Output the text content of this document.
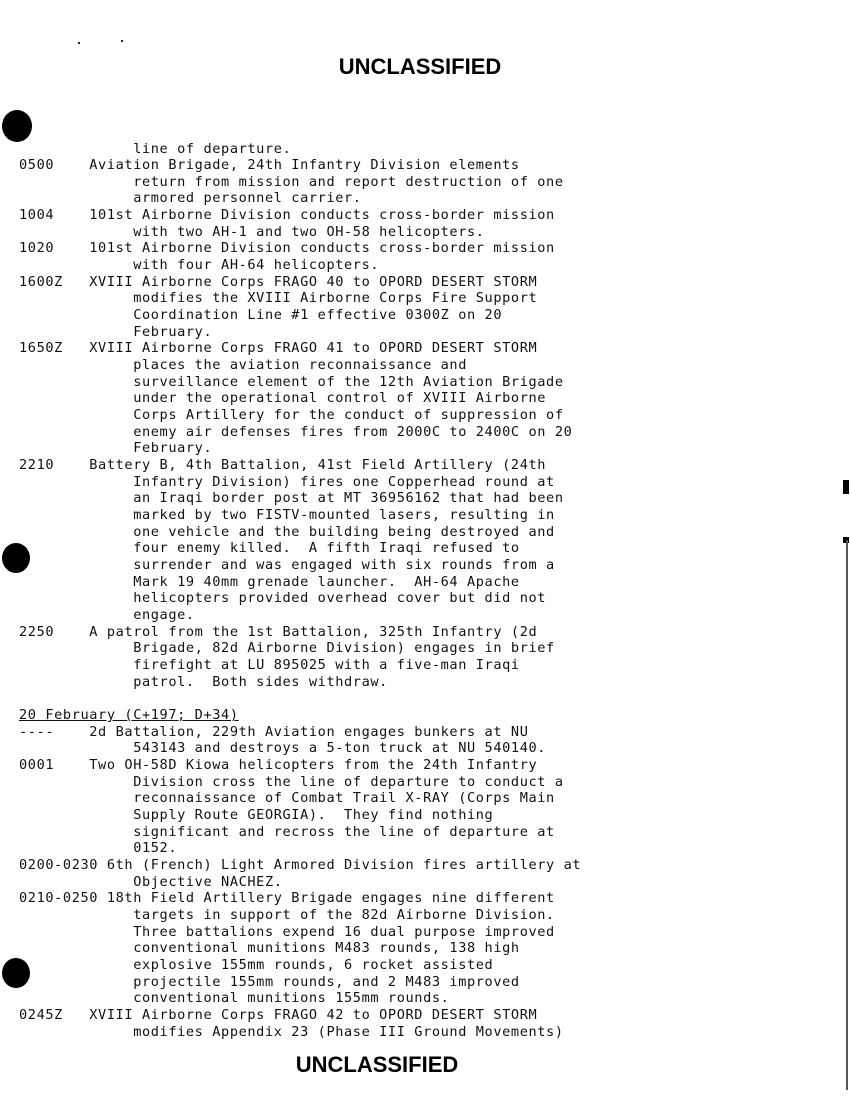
UNCLASSIFIED
line of departure.
0500    Aviation Brigade, 24th Infantry Division elements
return from mission and report destruction of one
armored personnel carrier.
1004    101st Airborne Division conducts cross-border mission
with two AH-1 and two OH-58 helicopters.
1020    101st Airborne Division conducts cross-border mission
with four AH-64 helicopters.
1600Z   XVIII Airborne Corps FRAGO 40 to OPORD DESERT STORM
modifies the XVIII Airborne Corps Fire Support
Coordination Line #1 effective 0300Z on 20
February.
1650Z   XVIII Airborne Corps FRAGO 41 to OPORD DESERT STORM
places the aviation reconnaissance and
surveillance element of the 12th Aviation Brigade
under the operational control of XVIII Airborne
Corps Artillery for the conduct of suppression of
enemy air defenses fires from 2000C to 2400C on 20
February.
2210    Battery B, 4th Battalion, 41st Field Artillery (24th
Infantry Division) fires one Copperhead round at
an Iraqi border post at MT 36956162 that had been
marked by two FISTV-mounted lasers, resulting in
one vehicle and the building being destroyed and
four enemy killed.  A fifth Iraqi refused to
surrender and was engaged with six rounds from a
Mark 19 40mm grenade launcher.  AH-64 Apache
helicopters provided overhead cover but did not
engage.
2250    A patrol from the 1st Battalion, 325th Infantry (2d
Brigade, 82d Airborne Division) engages in brief
firefight at LU 895025 with a five-man Iraqi
patrol.  Both sides withdraw.
20 February (C+197; D+34)
----    2d Battalion, 229th Aviation engages bunkers at NU
543143 and destroys a 5-ton truck at NU 540140.
0001    Two OH-58D Kiowa helicopters from the 24th Infantry
Division cross the line of departure to conduct a
reconnaissance of Combat Trail X-RAY (Corps Main
Supply Route GEORGIA).  They find nothing
significant and recross the line of departure at
0152.
0200-0230 6th (French) Light Armored Division fires artillery at
Objective NACHEZ.
0210-0250 18th Field Artillery Brigade engages nine different
targets in support of the 82d Airborne Division.
Three battalions expend 16 dual purpose improved
conventional munitions M483 rounds, 138 high
explosive 155mm rounds, 6 rocket assisted
projectile 155mm rounds, and 2 M483 improved
conventional munitions 155mm rounds.
0245Z   XVIII Airborne Corps FRAGO 42 to OPORD DESERT STORM
modifies Appendix 23 (Phase III Ground Movements)
UNCLASSIFIED
